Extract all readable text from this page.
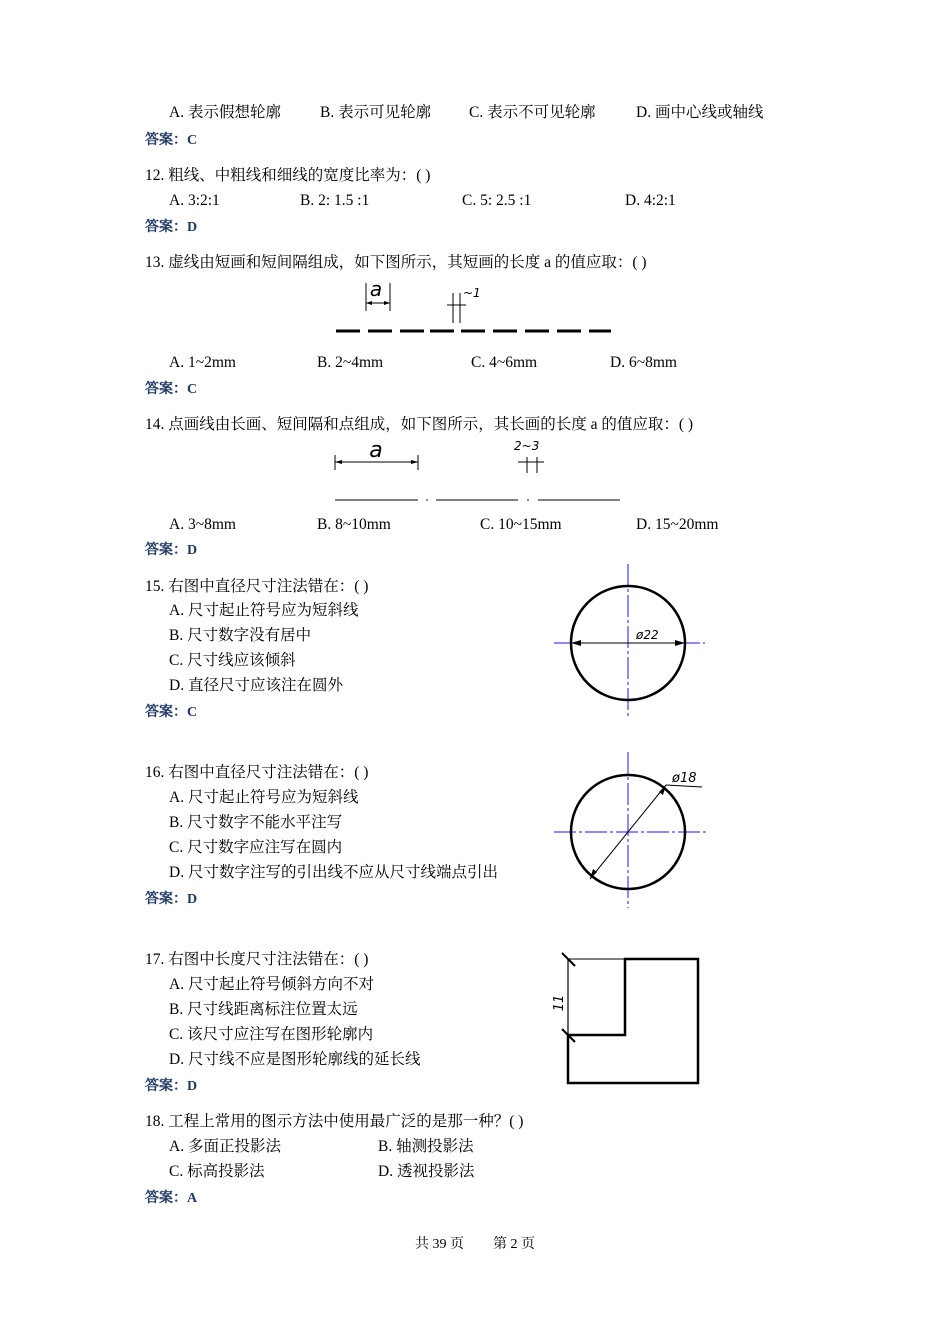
A. 表示假想轮廓	B. 表示可见轮廓 C. 表示不可见轮廓	D. 画中心线或轴线
答案：C
12. 粗线、中粗线和细线的宽度比率为：( )
A. 3:2:1	B. 2: 1.5 :1	C. 5: 2.5 :1	D. 4:2:1
答案：D
13. 虚线由短画和短间隔组成，如下图所示，其短画的长度 a 的值应取：( )
a	~1
A. 1~2mm	B. 2~4mm	C. 4~6mm	D. 6~8mm
答案：C
14. 点画线由长画、短间隔和点组成，如下图所示，其长画的长度 a 的值应取：( )
a	2~3
A. 3~8mm	B. 8~10mm	C. 10~15mm	D. 15~20mm
答案：D
15. 右图中直径尺寸注法错在：( )
A. 尺寸起止符号应为短斜线
B. 尺寸数字没有居中
C. 尺寸线应该倾斜
D. 直径尺寸应该注在圆外
答案：C
ø22
16. 右图中直径尺寸注法错在：( )
A. 尺寸起止符号应为短斜线
B. 尺寸数字不能水平注写
C. 尺寸数字应注写在圆内
D. 尺寸数字注写的引出线不应从尺寸线端点引出
答案：D
ø18
17. 右图中长度尺寸注法错在：( )
A. 尺寸起止符号倾斜方向不对
B. 尺寸线距离标注位置太远
C. 该尺寸应注写在图形轮廓内
D. 尺寸线不应是图形轮廓线的延长线
答案：D
11
18. 工程上常用的图示方法中使用最广泛的是那一种？( )
A. 多面正投影法	B. 轴测投影法
C. 标高投影法	D. 透视投影法
答案：A
共 39 页 第 2 页
